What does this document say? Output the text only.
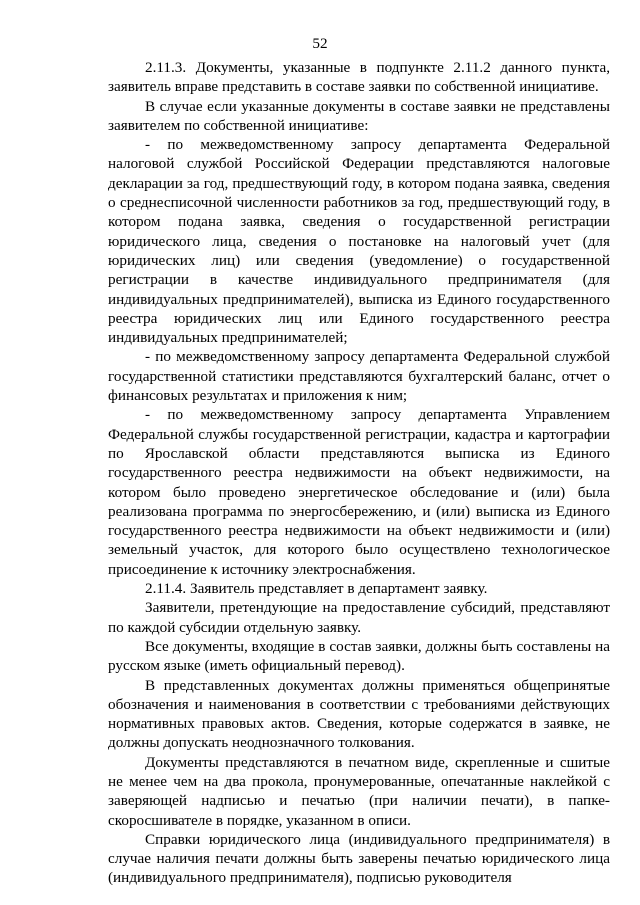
52

2.11.3. Документы, указанные в подпункте 2.11.2 данного пункта, заявитель вправе представить в составе заявки по собственной инициативе.

В случае если указанные документы в составе заявки не представлены заявителем по собственной инициативе:

- по межведомственному запросу департамента Федеральной налоговой службой Российской Федерации представляются налоговые декларации за год, предшествующий году, в котором подана заявка, сведения о среднесписочной численности работников за год, предшествующий году, в котором подана заявка, сведения о государственной регистрации юридического лица, сведения о постановке на налоговый учет (для юридических лиц) или сведения (уведомление) о государственной регистрации в качестве индивидуального предпринимателя (для индивидуальных предпринимателей), выписка из Единого государственного реестра юридических лиц или Единого государственного реестра индивидуальных предпринимателей;

- по межведомственному запросу департамента Федеральной службой государственной статистики представляются бухгалтерский баланс, отчет о финансовых результатах и приложения к ним;

- по межведомственному запросу департамента Управлением Федеральной службы государственной регистрации, кадастра и картографии по Ярославской области представляются выписка из Единого государственного реестра недвижимости на объект недвижимости, на котором было проведено энергетическое обследование и (или) была реализована программа по энергосбережению, и (или) выписка из Единого государственного реестра недвижимости на объект недвижимости и (или) земельный участок, для которого было осуществлено технологическое присоединение к источнику электроснабжения.

2.11.4. Заявитель представляет в департамент заявку.

Заявители, претендующие на предоставление субсидий, представляют по каждой субсидии отдельную заявку.

Все документы, входящие в состав заявки, должны быть составлены на русском языке (иметь официальный перевод).

В представленных документах должны применяться общепринятые обозначения и наименования в соответствии с требованиями действующих нормативных правовых актов. Сведения, которые содержатся в заявке, не должны допускать неоднозначного толкования.

Документы представляются в печатном виде, скрепленные и сшитые не менее чем на два прокола, пронумерованные, опечатанные наклейкой с заверяющей надписью и печатью (при наличии печати), в папке-скоросшивателе в порядке, указанном в описи.

Справки юридического лица (индивидуального предпринимателя) в случае наличия печати должны быть заверены печатью юридического лица (индивидуального предпринимателя), подписью руководителя
